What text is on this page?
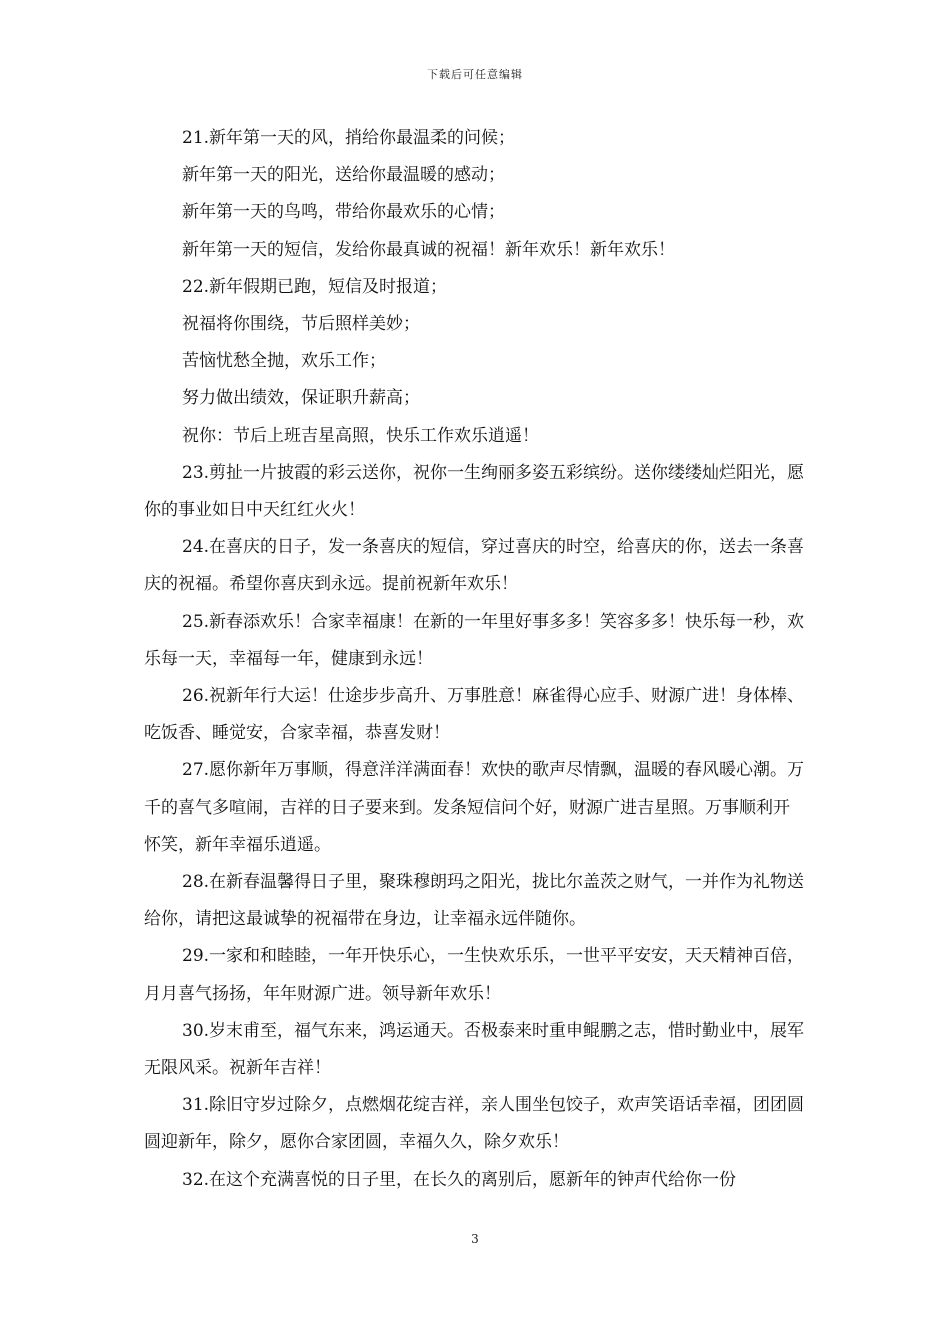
下载后可任意编辑

21.新年第一天的风，捎给你最温柔的问候；

新年第一天的阳光，送给你最温暖的感动；

新年第一天的鸟鸣，带给你最欢乐的心情；

新年第一天的短信，发给你最真诚的祝福！新年欢乐！新年欢乐！

22.新年假期已跑，短信及时报道；

祝福将你围绕，节后照样美妙；

苦恼忧愁全抛，欢乐工作；

努力做出绩效，保证职升薪高；

祝你：节后上班吉星高照，快乐工作欢乐逍遥！

23.剪扯一片披霞的彩云送你，祝你一生绚丽多姿五彩缤纷。送你缕缕灿烂阳光，愿你的事业如日中天红红火火！

24.在喜庆的日子，发一条喜庆的短信，穿过喜庆的时空，给喜庆的你，送去一条喜庆的祝福。希望你喜庆到永远。提前祝新年欢乐！

25.新春添欢乐！合家幸福康！在新的一年里好事多多！笑容多多！快乐每一秒，欢乐每一天，幸福每一年，健康到永远！

26.祝新年行大运！仕途步步高升、万事胜意！麻雀得心应手、财源广进！身体棒、吃饭香、睡觉安，合家幸福，恭喜发财！

27.愿你新年万事顺，得意洋洋满面春！欢快的歌声尽情飘，温暖的春风暖心潮。万千的喜气多喧闹，吉祥的日子要来到。发条短信问个好，财源广进吉星照。万事顺利开怀笑，新年幸福乐逍遥。

28.在新春温馨得日子里，聚珠穆朗玛之阳光，拢比尔盖茨之财气，一并作为礼物送给你，请把这最诚挚的祝福带在身边，让幸福永远伴随你。

29.一家和和睦睦，一年开快乐心，一生快欢乐乐，一世平平安安，天天精神百倍，月月喜气扬扬，年年财源广进。领导新年欢乐！

30.岁末甫至，福气东来，鸿运通天。否极泰来时重申鲲鹏之志，惜时勤业中，展军无限风采。祝新年吉祥！

31.除旧守岁过除夕，点燃烟花绽吉祥，亲人围坐包饺子，欢声笑语话幸福，团团圆圆迎新年，除夕，愿你合家团圆，幸福久久，除夕欢乐！

32.在这个充满喜悦的日子里，在长久的离别后，愿新年的钟声代给你一份

3
